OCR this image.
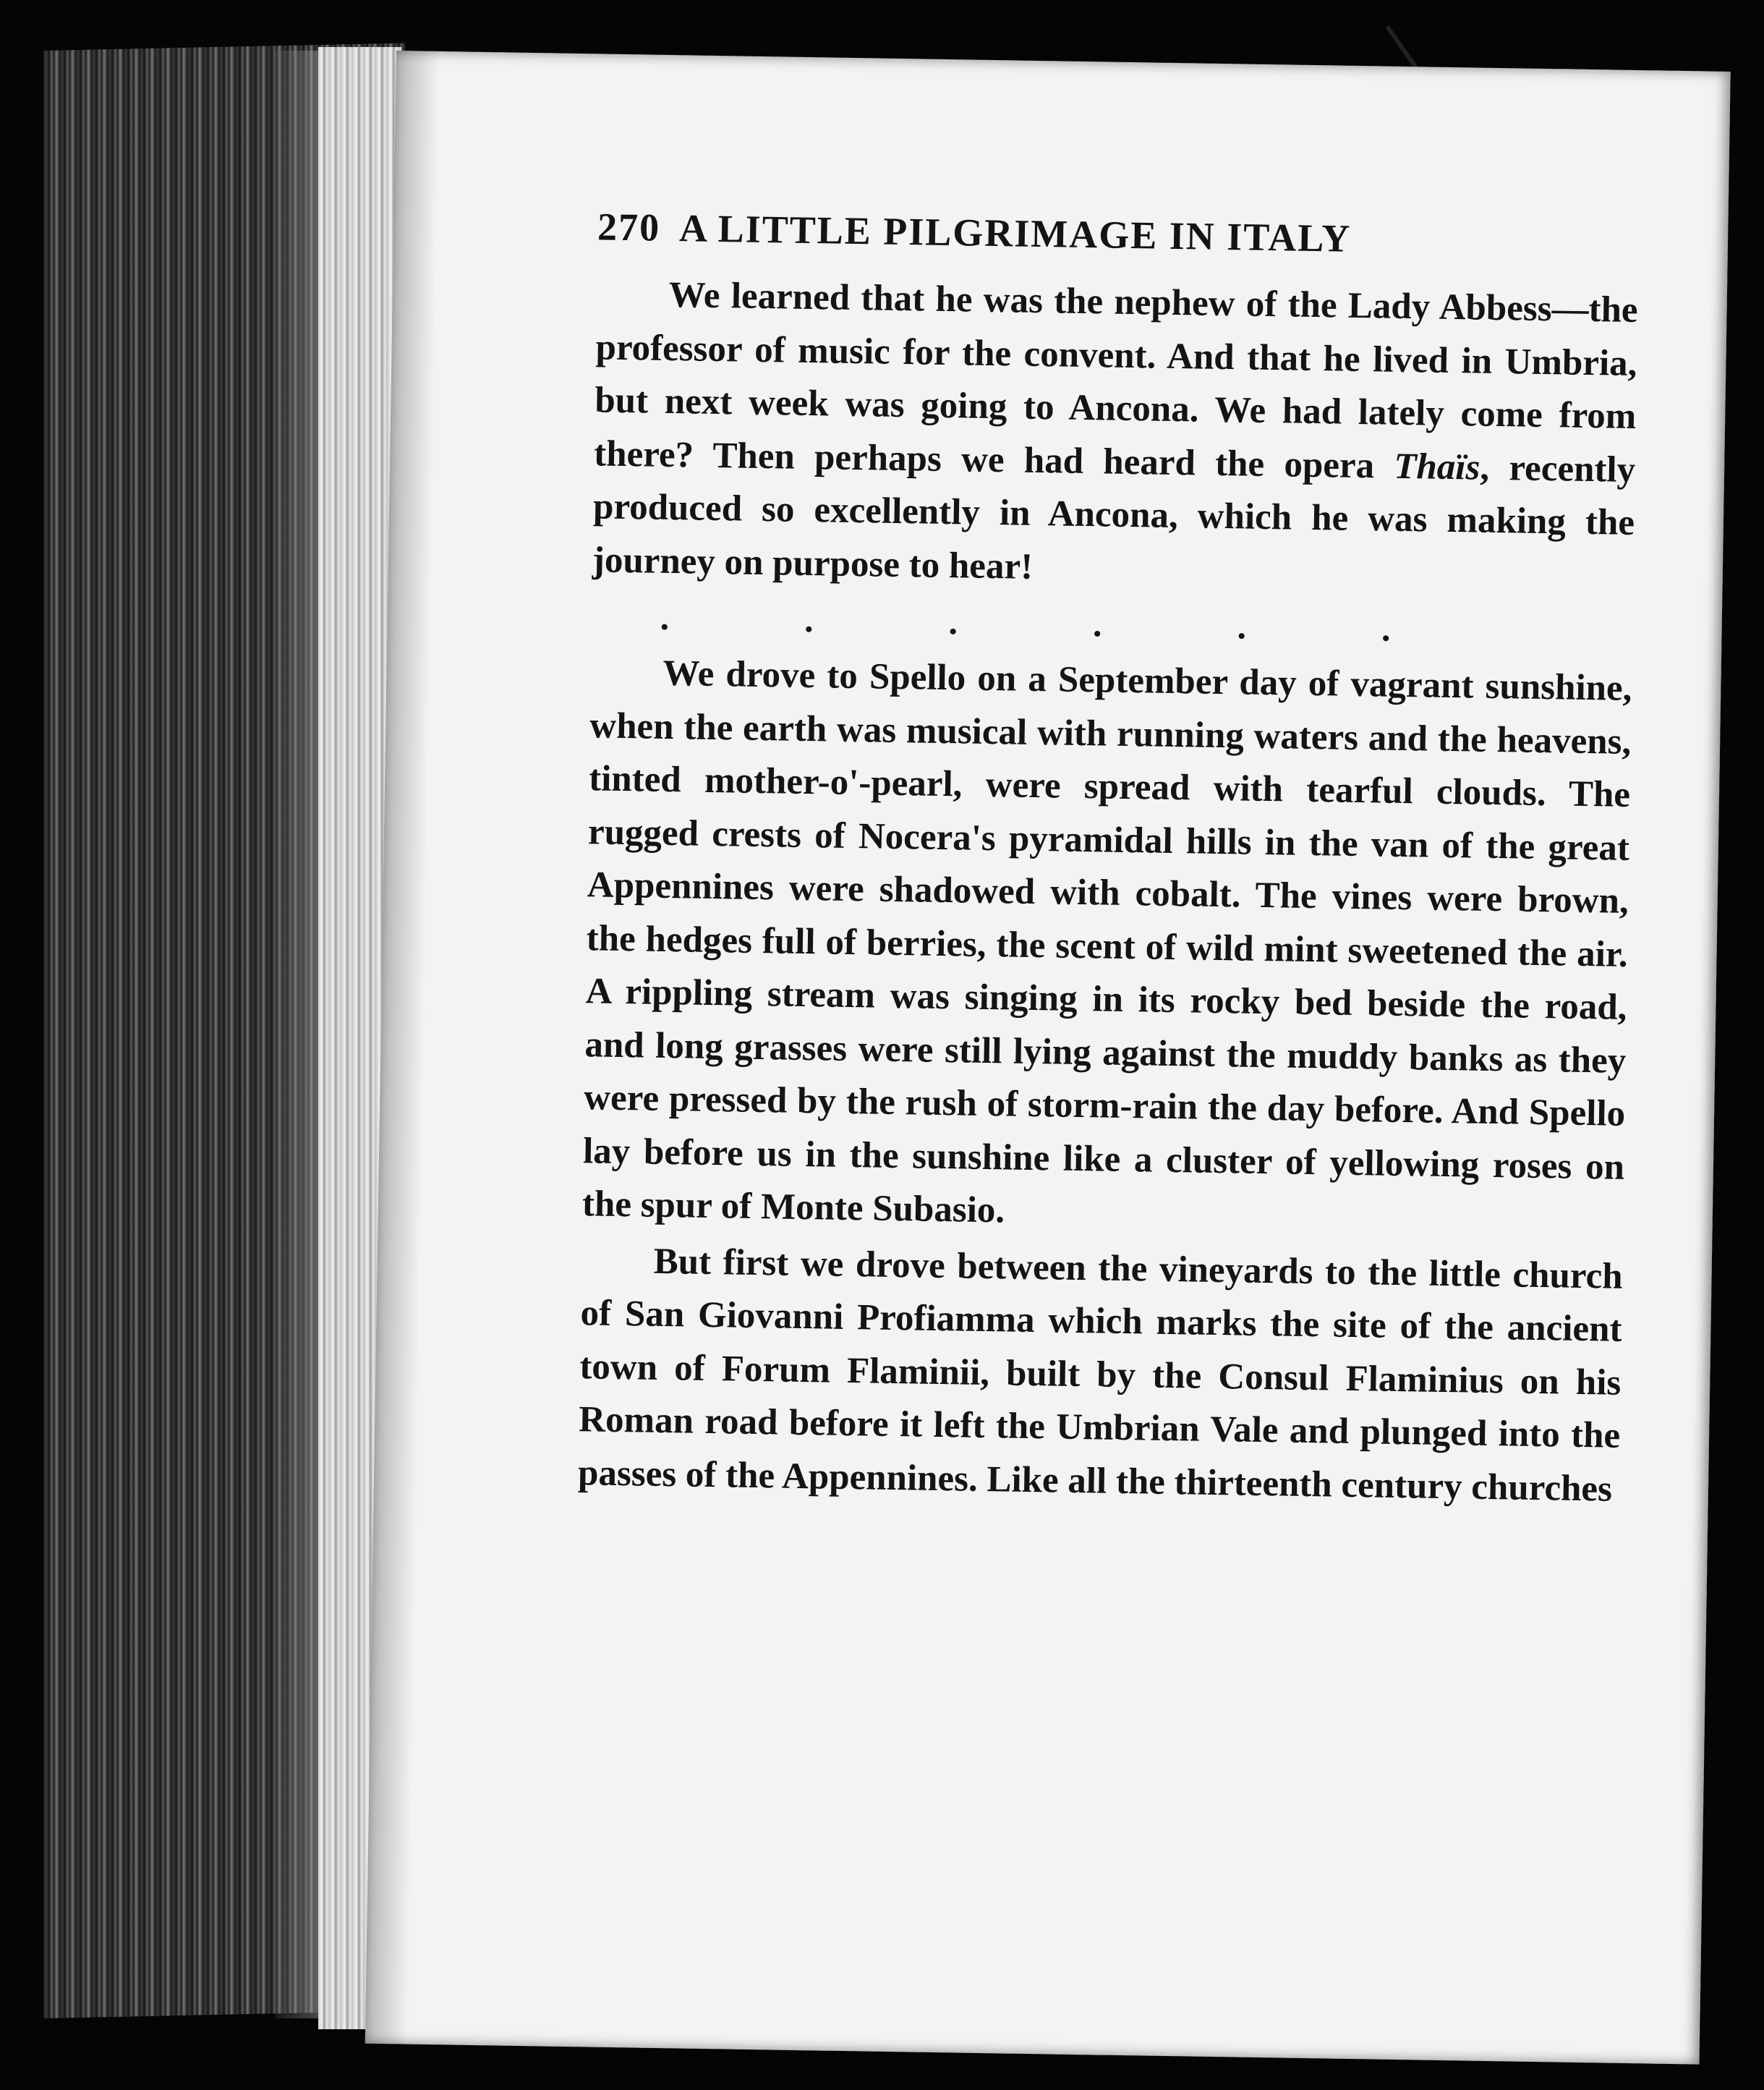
270 A LITTLE PILGRIMAGE IN ITALY

We learned that he was the nephew of the Lady Abbess—the professor of music for the convent. And that he lived in Umbria, but next week was going to Ancona. We had lately come from there? Then perhaps we had heard the opera Thaïs, recently produced so excellently in Ancona, which he was making the journey on purpose to hear!

.	.	.	.	.	.

We drove to Spello on a September day of vagrant sunshine, when the earth was musical with running waters and the heavens, tinted mother-o'-pearl, were spread with tearful clouds. The rugged crests of Nocera's pyramidal hills in the van of the great Appennines were shadowed with cobalt. The vines were brown, the hedges full of berries, the scent of wild mint sweetened the air. A rippling stream was singing in its rocky bed beside the road, and long grasses were still lying against the muddy banks as they were pressed by the rush of storm-rain the day before. And Spello lay before us in the sunshine like a cluster of yellowing roses on the spur of Monte Subasio.

But first we drove between the vineyards to the little church of San Giovanni Profiamma which marks the site of the ancient town of Forum Flaminii, built by the Consul Flaminius on his Roman road before it left the Umbrian Vale and plunged into the passes of the Appennines. Like all the thirteenth century churches
